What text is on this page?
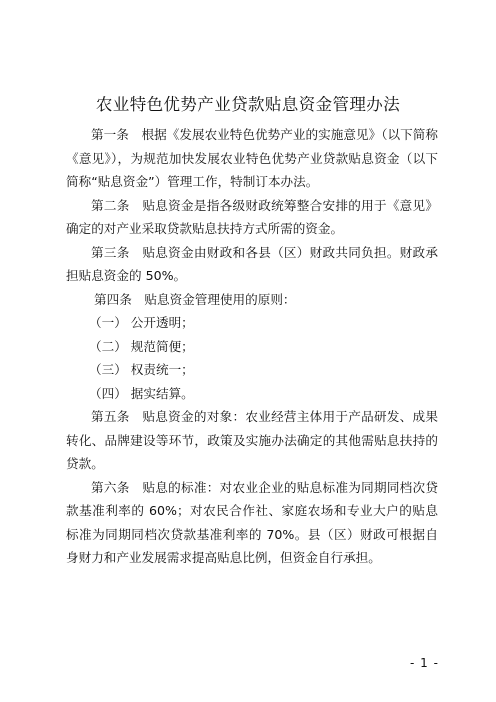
农业特色优势产业贷款贴息资金管理办法

第一条　根据《发展农业特色优势产业的实施意见》（以下简称《意见》），为规范加快发展农业特色优势产业贷款贴息资金（以下简称“贴息资金”）管理工作，特制订本办法。

第二条　贴息资金是指各级财政统筹整合安排的用于《意见》确定的对产业采取贷款贴息扶持方式所需的资金。

第三条　贴息资金由财政和各县（区）财政共同负担。财政承担贴息资金的 50%。

第四条　贴息资金管理使用的原则：

（一） 公开透明；

（二） 规范简便；

（三） 权责统一；

（四） 据实结算。

第五条　贴息资金的对象：农业经营主体用于产品研发、成果转化、品牌建设等环节，政策及实施办法确定的其他需贴息扶持的贷款。

第六条　贴息的标准：对农业企业的贴息标准为同期同档次贷款基准利率的 60%；对农民合作社、家庭农场和专业大户的贴息标准为同期同档次贷款基准利率的 70%。县（区）财政可根据自身财力和产业发展需求提高贴息比例，但资金自行承担。

- 1 -
